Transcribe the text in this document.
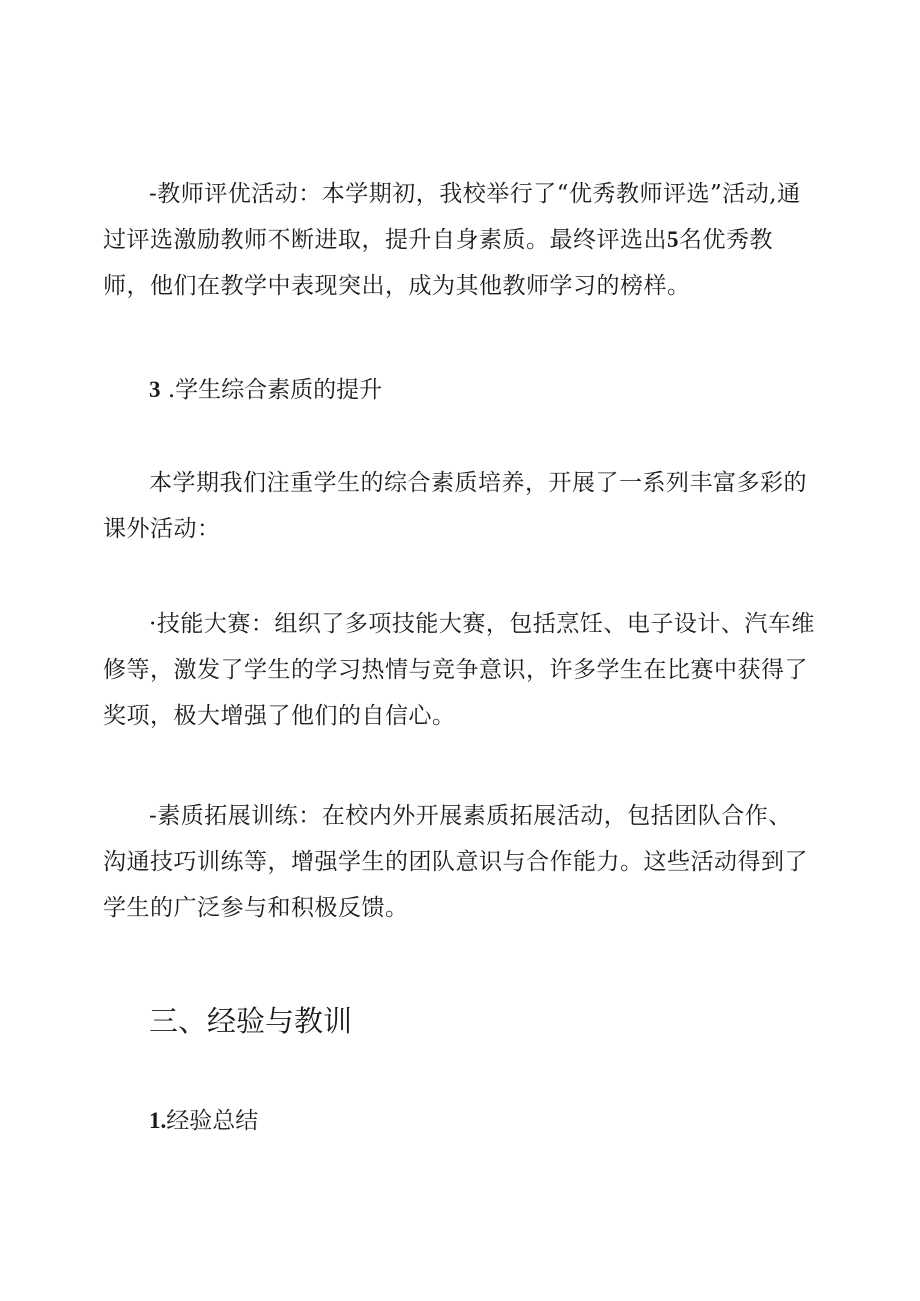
-教师评优活动：本学期初，我校举行了“优秀教师评选”活动,通过评选激励教师不断进取，提升自身素质。最终评选出5名优秀教师，他们在教学中表现突出，成为其他教师学习的榜样。

3 .学生综合素质的提升

本学期我们注重学生的综合素质培养，开展了一系列丰富多彩的课外活动：

·技能大赛：组织了多项技能大赛，包括烹饪、电子设计、汽车维修等，激发了学生的学习热情与竞争意识，许多学生在比赛中获得了奖项，极大增强了他们的自信心。

-素质拓展训练：在校内外开展素质拓展活动，包括团队合作、沟通技巧训练等，增强学生的团队意识与合作能力。这些活动得到了学生的广泛参与和积极反馈。

三、经验与教训

1.经验总结
